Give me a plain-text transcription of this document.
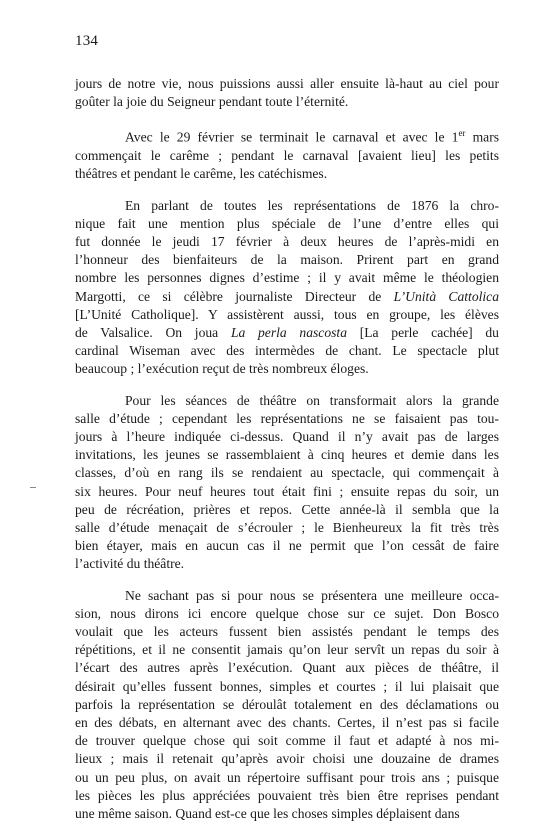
134
jours de notre vie, nous puissions aussi aller ensuite là-haut au ciel pour
goûter la joie du Seigneur pendant toute l’éternité.
Avec le 29 février se terminait le carnaval et avec le 1er mars
commençait le carême ; pendant le carnaval [avaient lieu] les petits
théâtres et pendant le carême, les catéchismes.
En parlant de toutes les représentations de 1876 la chro-
nique fait une mention plus spéciale de l’une d’entre elles qui
fut donnée le jeudi 17 février à deux heures de l’après-midi en
l’honneur des bienfaiteurs de la maison. Prirent part en grand
nombre les personnes dignes d’estime ; il y avait même le théologien
Margotti, ce si célèbre journaliste Directeur de L’Unità Cattolica
[L’Unité Catholique]. Y assistèrent aussi, tous en groupe, les élèves
de Valsalice. On joua La perla nascosta [La perle cachée] du
cardinal Wiseman avec des intermèdes de chant. Le spectacle plut
beaucoup ; l’exécution reçut de très nombreux éloges.
Pour les séances de théâtre on transformait alors la grande
salle d’étude ; cependant les représentations ne se faisaient pas tou-
jours à l’heure indiquée ci-dessus. Quand il n’y avait pas de larges
invitations, les jeunes se rassemblaient à cinq heures et demie dans les
classes, d’où en rang ils se rendaient au spectacle, qui commençait à
six heures. Pour neuf heures tout était fini ; ensuite repas du soir, un
peu de récréation, prières et repos. Cette année-là il sembla que la
salle d’étude menaçait de s’écrouler ; le Bienheureux la fit très très
bien étayer, mais en aucun cas il ne permit que l’on cessât de faire
l’activité du théâtre.
Ne sachant pas si pour nous se présentera une meilleure occa-
sion, nous dirons ici encore quelque chose sur ce sujet. Don Bosco
voulait que les acteurs fussent bien assistés pendant le temps des
répétitions, et il ne consentit jamais qu’on leur servît un repas du soir à
l’écart des autres après l’exécution. Quant aux pièces de théâtre, il
désirait qu’elles fussent bonnes, simples et courtes ; il lui plaisait que
parfois la représentation se déroulât totalement en des déclamations ou
en des débats, en alternant avec des chants. Certes, il n’est pas si facile
de trouver quelque chose qui soit comme il faut et adapté à nos mi-
lieux ; mais il retenait qu’après avoir choisi une douzaine de drames
ou un peu plus, on avait un répertoire suffisant pour trois ans ; puisque
les pièces les plus appréciées pouvaient très bien être reprises pendant
une même saison. Quand est-ce que les choses simples déplaisent dans
